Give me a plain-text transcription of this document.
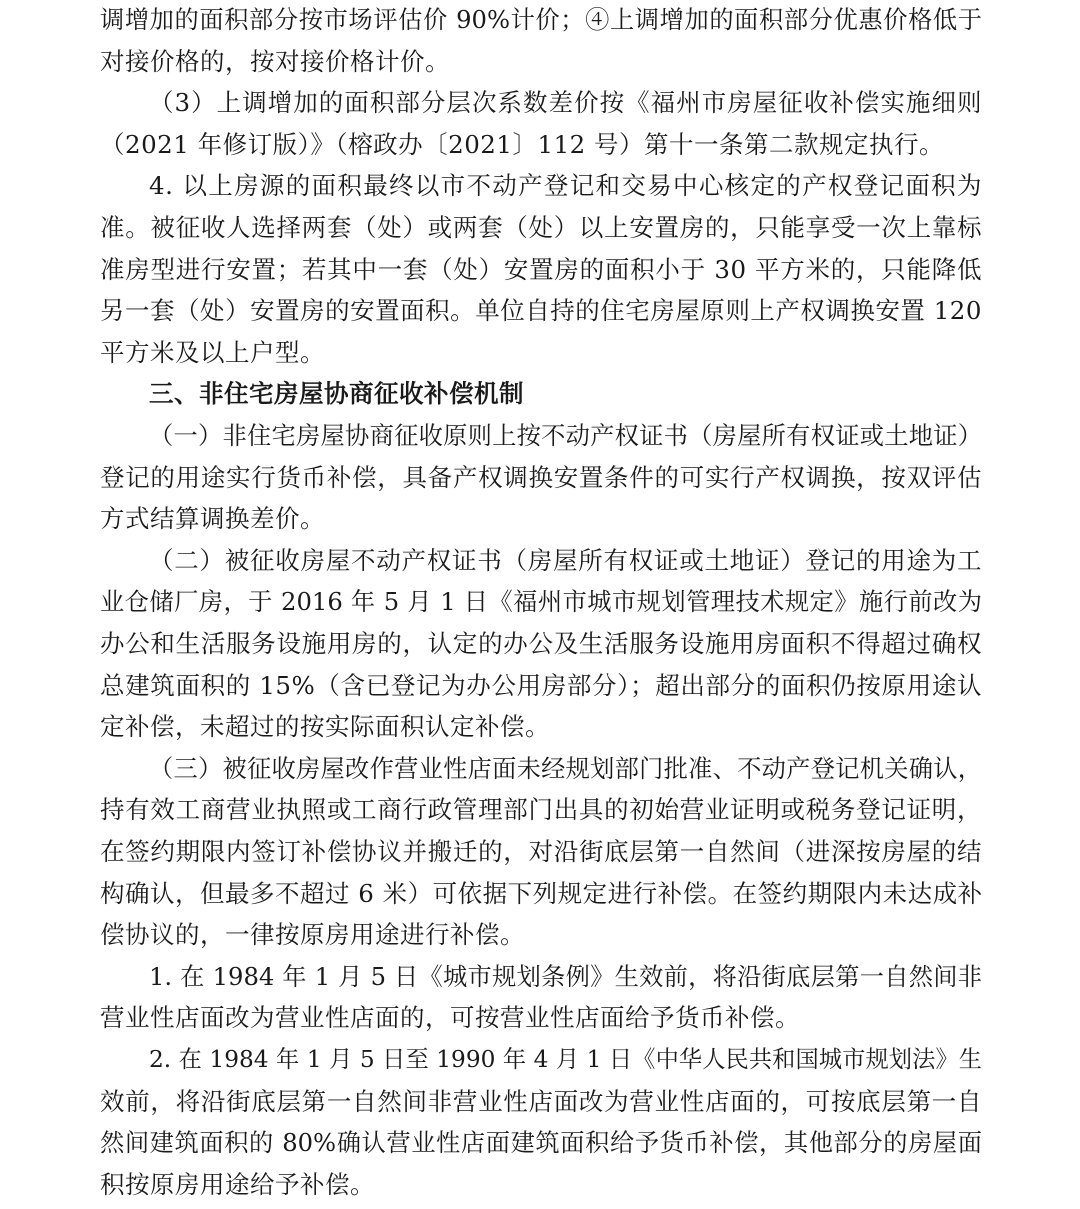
调增加的面积部分按市场评估价 90%计价；④上调增加的面积部分优惠价格低于
对接价格的，按对接价格计价。
（3）上调增加的面积部分层次系数差价按《福州市房屋征收补偿实施细则
（2021 年修订版）》（榕政办〔2021〕112 号）第十一条第二款规定执行。
4. 以上房源的面积最终以市不动产登记和交易中心核定的产权登记面积为
准。被征收人选择两套（处）或两套（处）以上安置房的，只能享受一次上靠标
准房型进行安置；若其中一套（处）安置房的面积小于 30 平方米的，只能降低
另一套（处）安置房的安置面积。单位自持的住宅房屋原则上产权调换安置 120
平方米及以上户型。
三、非住宅房屋协商征收补偿机制
（一）非住宅房屋协商征收原则上按不动产权证书（房屋所有权证或土地证）
登记的用途实行货币补偿，具备产权调换安置条件的可实行产权调换，按双评估
方式结算调换差价。
（二）被征收房屋不动产权证书（房屋所有权证或土地证）登记的用途为工
业仓储厂房，于 2016 年 5 月 1 日《福州市城市规划管理技术规定》施行前改为
办公和生活服务设施用房的，认定的办公及生活服务设施用房面积不得超过确权
总建筑面积的 15%（含已登记为办公用房部分）；超出部分的面积仍按原用途认
定补偿，未超过的按实际面积认定补偿。
（三）被征收房屋改作营业性店面未经规划部门批准、不动产登记机关确认，
持有效工商营业执照或工商行政管理部门出具的初始营业证明或税务登记证明，
在签约期限内签订补偿协议并搬迁的，对沿街底层第一自然间（进深按房屋的结
构确认，但最多不超过 6 米）可依据下列规定进行补偿。在签约期限内未达成补
偿协议的，一律按原房用途进行补偿。
1. 在 1984 年 1 月 5 日《城市规划条例》生效前，将沿街底层第一自然间非
营业性店面改为营业性店面的，可按营业性店面给予货币补偿。
2. 在 1984 年 1 月 5 日至 1990 年 4 月 1 日《中华人民共和国城市规划法》生
效前，将沿街底层第一自然间非营业性店面改为营业性店面的，可按底层第一自
然间建筑面积的 80%确认营业性店面建筑面积给予货币补偿，其他部分的房屋面
积按原房用途给予补偿。
